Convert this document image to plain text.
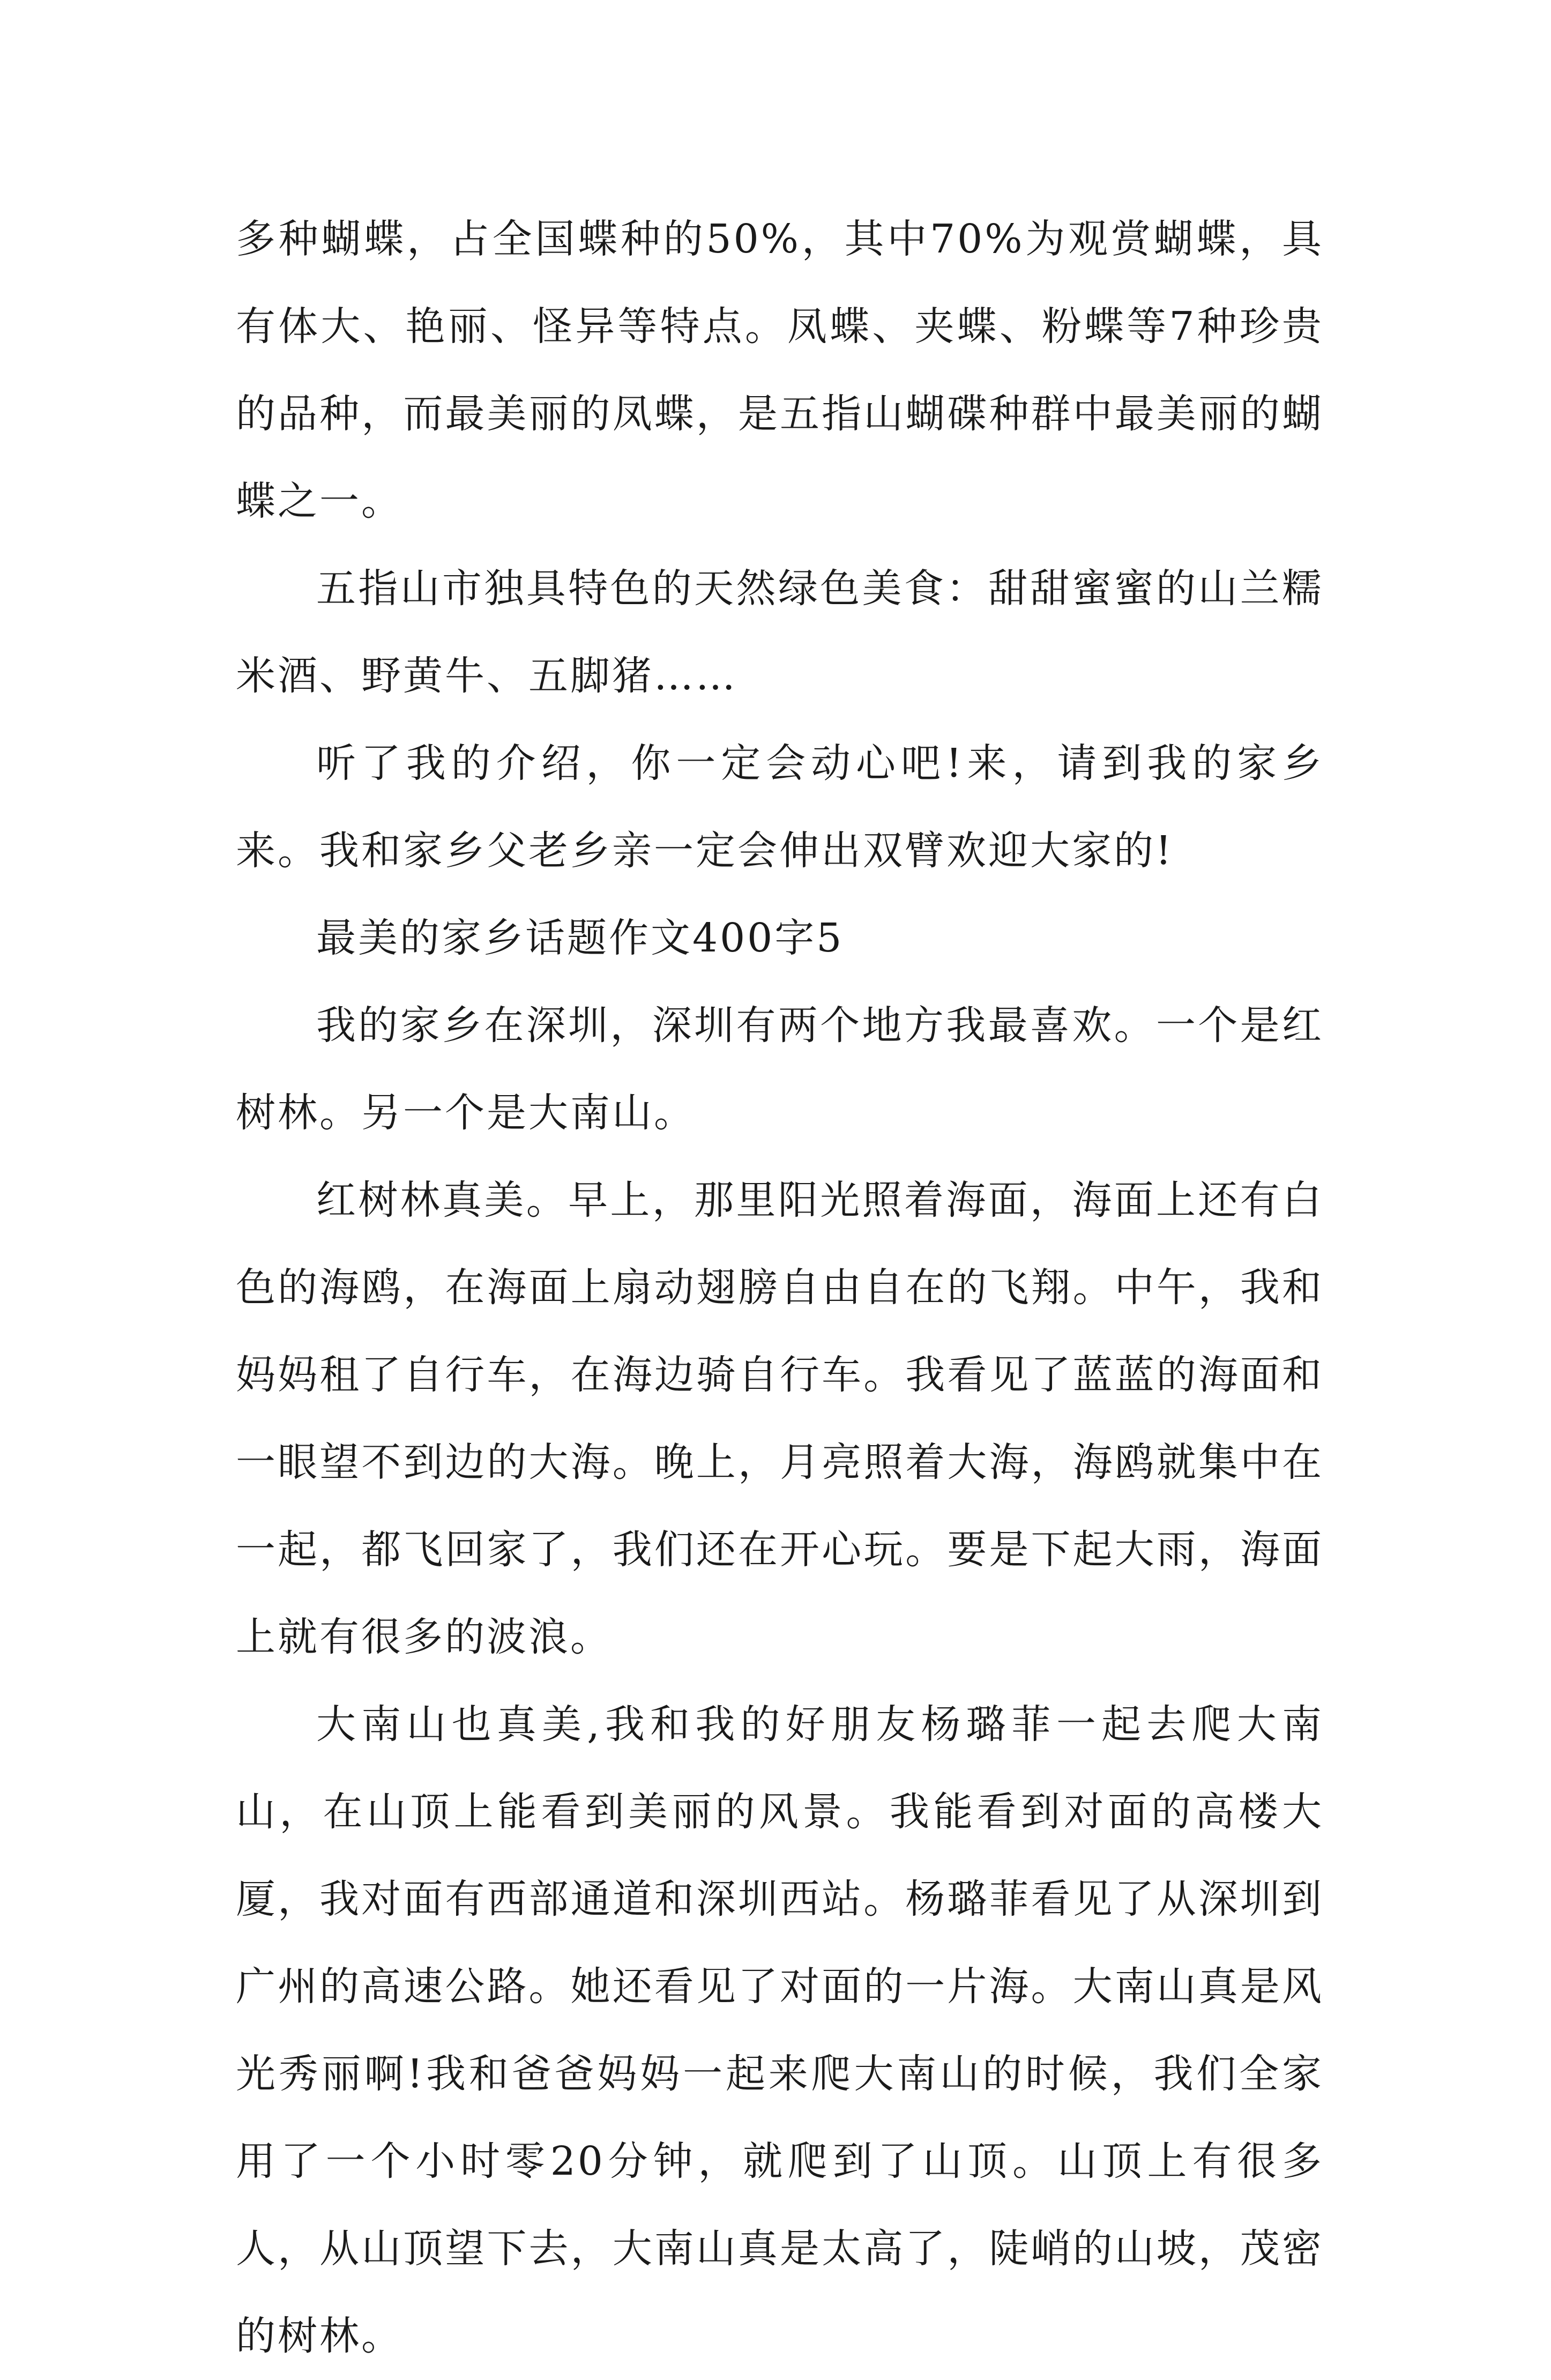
多种蝴蝶，占全国蝶种的50%，其中70%为观赏蝴蝶，具有体大、艳丽、怪异等特点。凤蝶、夹蝶、粉蝶等7种珍贵的品种，而最美丽的凤蝶，是五指山蝴碟种群中最美丽的蝴蝶之一。

五指山市独具特色的天然绿色美食：甜甜蜜蜜的山兰糯米酒、野黄牛、五脚猪……

听了我的介绍，你一定会动心吧!来，请到我的家乡来。我和家乡父老乡亲一定会伸出双臂欢迎大家的!

最美的家乡话题作文400字5

我的家乡在深圳，深圳有两个地方我最喜欢。一个是红树林。另一个是大南山。

红树林真美。早上，那里阳光照着海面，海面上还有白色的海鸥，在海面上扇动翅膀自由自在的飞翔。中午，我和妈妈租了自行车，在海边骑自行车。我看见了蓝蓝的海面和一眼望不到边的大海。晚上，月亮照着大海，海鸥就集中在一起，都飞回家了，我们还在开心玩。要是下起大雨，海面上就有很多的波浪。

大南山也真美,我和我的好朋友杨璐菲一起去爬大南山，在山顶上能看到美丽的风景。我能看到对面的高楼大厦，我对面有西部通道和深圳西站。杨璐菲看见了从深圳到广州的高速公路。她还看见了对面的一片海。大南山真是风光秀丽啊!我和爸爸妈妈一起来爬大南山的时候，我们全家用了一个小时零20分钟，就爬到了山顶。山顶上有很多人，从山顶望下去，大南山真是太高了，陡峭的山坡，茂密的树林。
